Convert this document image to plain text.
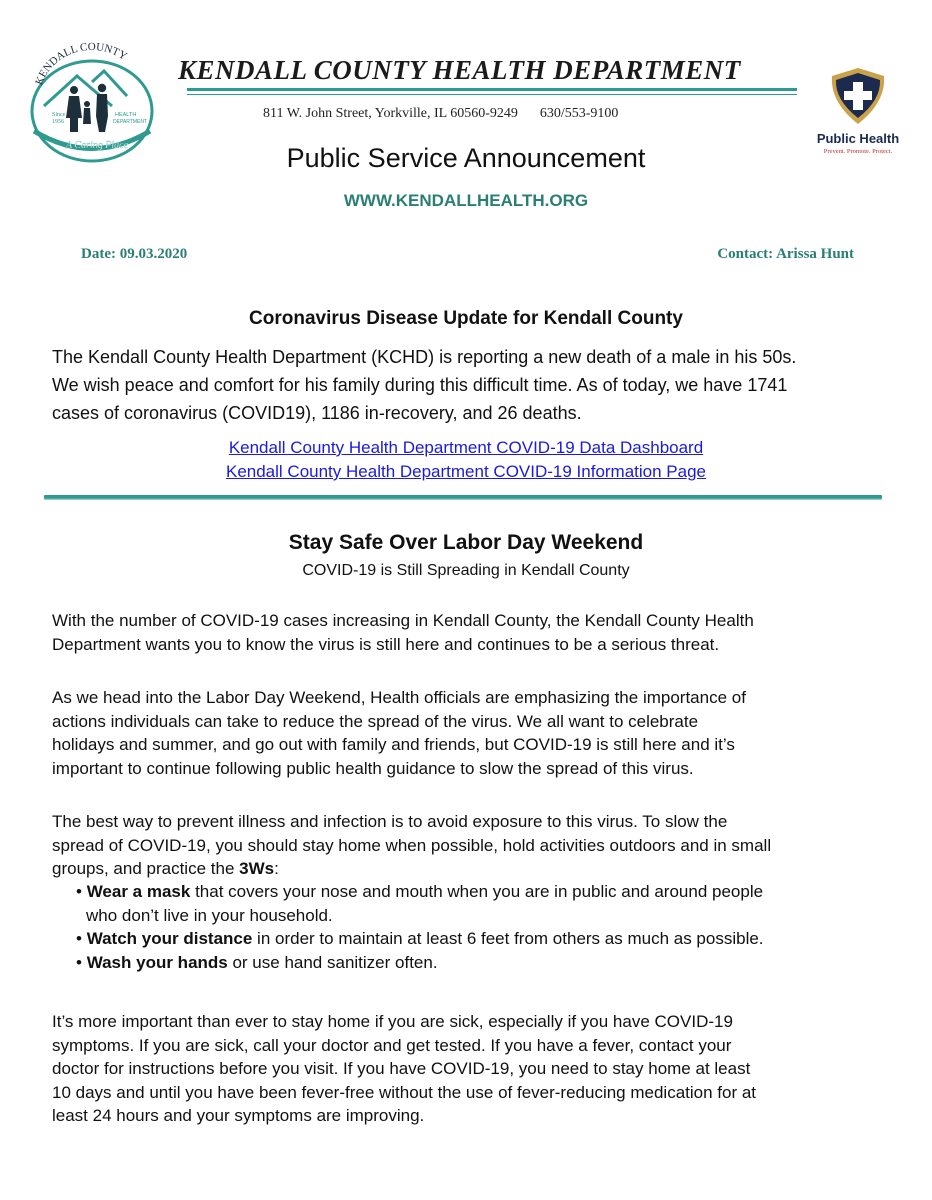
KENDALL COUNTY
Since
1956
HEALTH
DEPARTMENT
A Caring Place
KENDALL COUNTY HEALTH DEPARTMENT
811 W. John Street, Yorkville, IL 60560-9249 630/553-9100
Public Health
Prevent. Promote. Protect.
Public Service Announcement
WWW.KENDALLHEALTH.ORG
Date: 09.03.2020	Contact: Arissa Hunt
Coronavirus Disease Update for Kendall County
The Kendall County Health Department (KCHD) is reporting a new death of a male in his 50s.
We wish peace and comfort for his family during this difficult time. As of today, we have 1741
cases of coronavirus (COVID19), 1186 in-recovery, and 26 deaths.
Kendall County Health Department COVID-19 Data Dashboard
Kendall County Health Department COVID-19 Information Page
Stay Safe Over Labor Day Weekend
COVID-19 is Still Spreading in Kendall County
With the number of COVID-19 cases increasing in Kendall County, the Kendall County Health
Department wants you to know the virus is still here and continues to be a serious threat.
As we head into the Labor Day Weekend, Health officials are emphasizing the importance of
actions individuals can take to reduce the spread of the virus. We all want to celebrate
holidays and summer, and go out with family and friends, but COVID-19 is still here and it’s
important to continue following public health guidance to slow the spread of this virus.
The best way to prevent illness and infection is to avoid exposure to this virus. To slow the
spread of COVID-19, you should stay home when possible, hold activities outdoors and in small
groups, and practice the 3Ws:
• Wear a mask that covers your nose and mouth when you are in public and around people
who don’t live in your household.
• Watch your distance in order to maintain at least 6 feet from others as much as possible.
• Wash your hands or use hand sanitizer often.
It’s more important than ever to stay home if you are sick, especially if you have COVID-19
symptoms. If you are sick, call your doctor and get tested. If you have a fever, contact your
doctor for instructions before you visit. If you have COVID-19, you need to stay home at least
10 days and until you have been fever-free without the use of fever-reducing medication for at
least 24 hours and your symptoms are improving.
